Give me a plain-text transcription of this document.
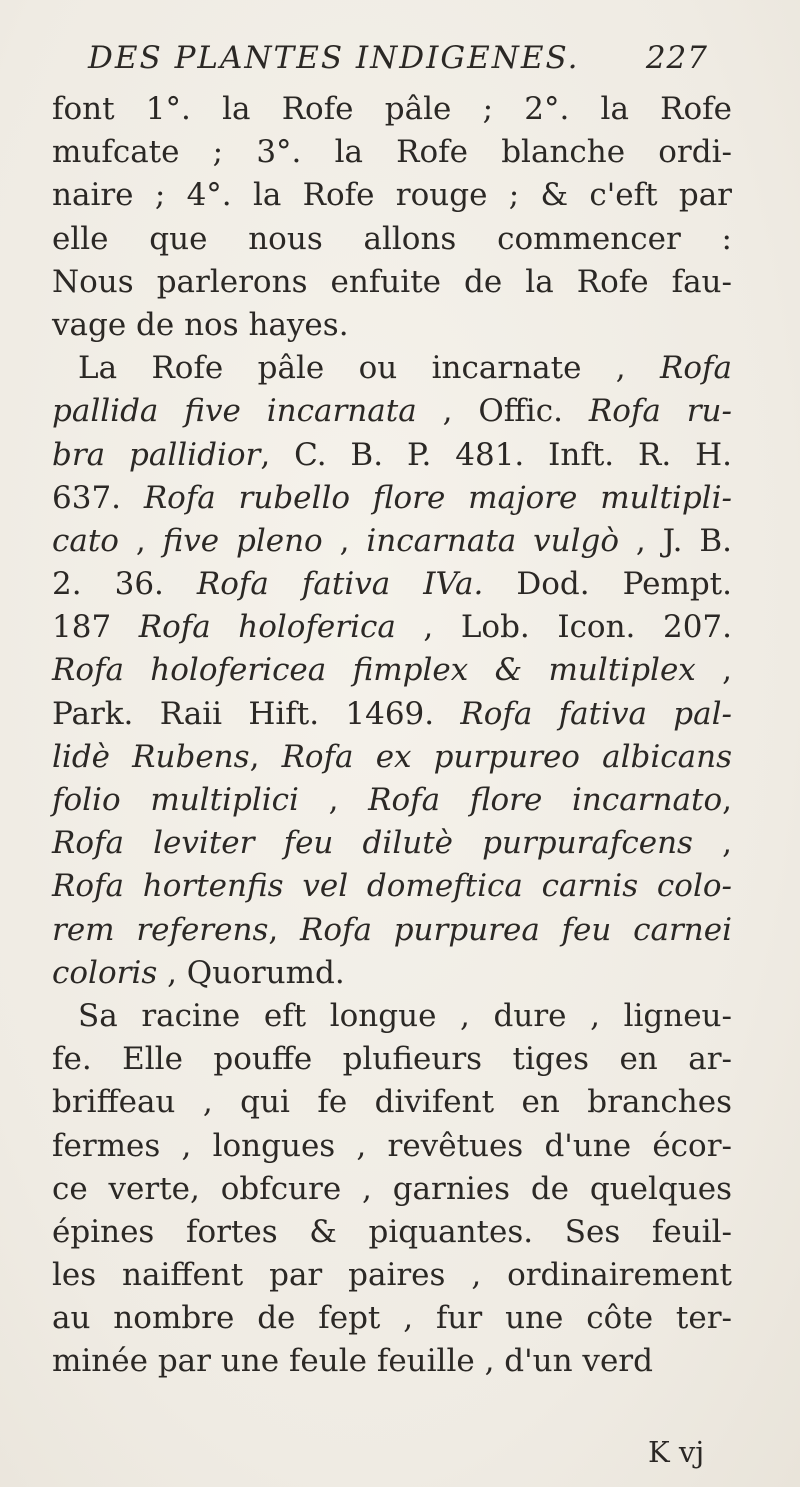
DES PLANTES INDIGENES. 227
font 1°. la Rofe pâle ; 2°. la Rofe
mufcate ; 3°. la Rofe blanche ordi-
naire ; 4°. la Rofe rouge ; & c'eft par
elle que nous allons commencer :
Nous parlerons enfuite de la Rofe fau-
vage de nos hayes.
La Rofe pâle ou incarnate , Rofa
pallida five incarnata , Offic. Rofa ru-
bra pallidior, C. B. P. 481. Inft. R. H.
637. Rofa rubello flore majore multipli-
cato , five pleno , incarnata vulgò , J. B.
2. 36. Rofa fativa IVa. Dod. Pempt.
187 Rofa holoferica , Lob. Icon. 207.
Rofa holofericea fimplex & multiplex ,
Park. Raii Hift. 1469. Rofa fativa pal-
lidè Rubens, Rofa ex purpureo albicans
folio multiplici , Rofa flore incarnato,
Rofa leviter feu dilutè purpurafcens ,
Rofa hortenfis vel domeftica carnis colo-
rem referens, Rofa purpurea feu carnei
coloris , Quorumd.
Sa racine eft longue , dure , ligneu-
fe. Elle pouffe plufieurs tiges en ar-
briffeau , qui fe divifent en branches
fermes , longues , revêtues d'une écor-
ce verte, obfcure , garnies de quelques
épines fortes & piquantes. Ses feuil-
les naiffent par paires , ordinairement
au nombre de fept , fur une côte ter-
minée par une feule feuille , d'un verd
K vj
